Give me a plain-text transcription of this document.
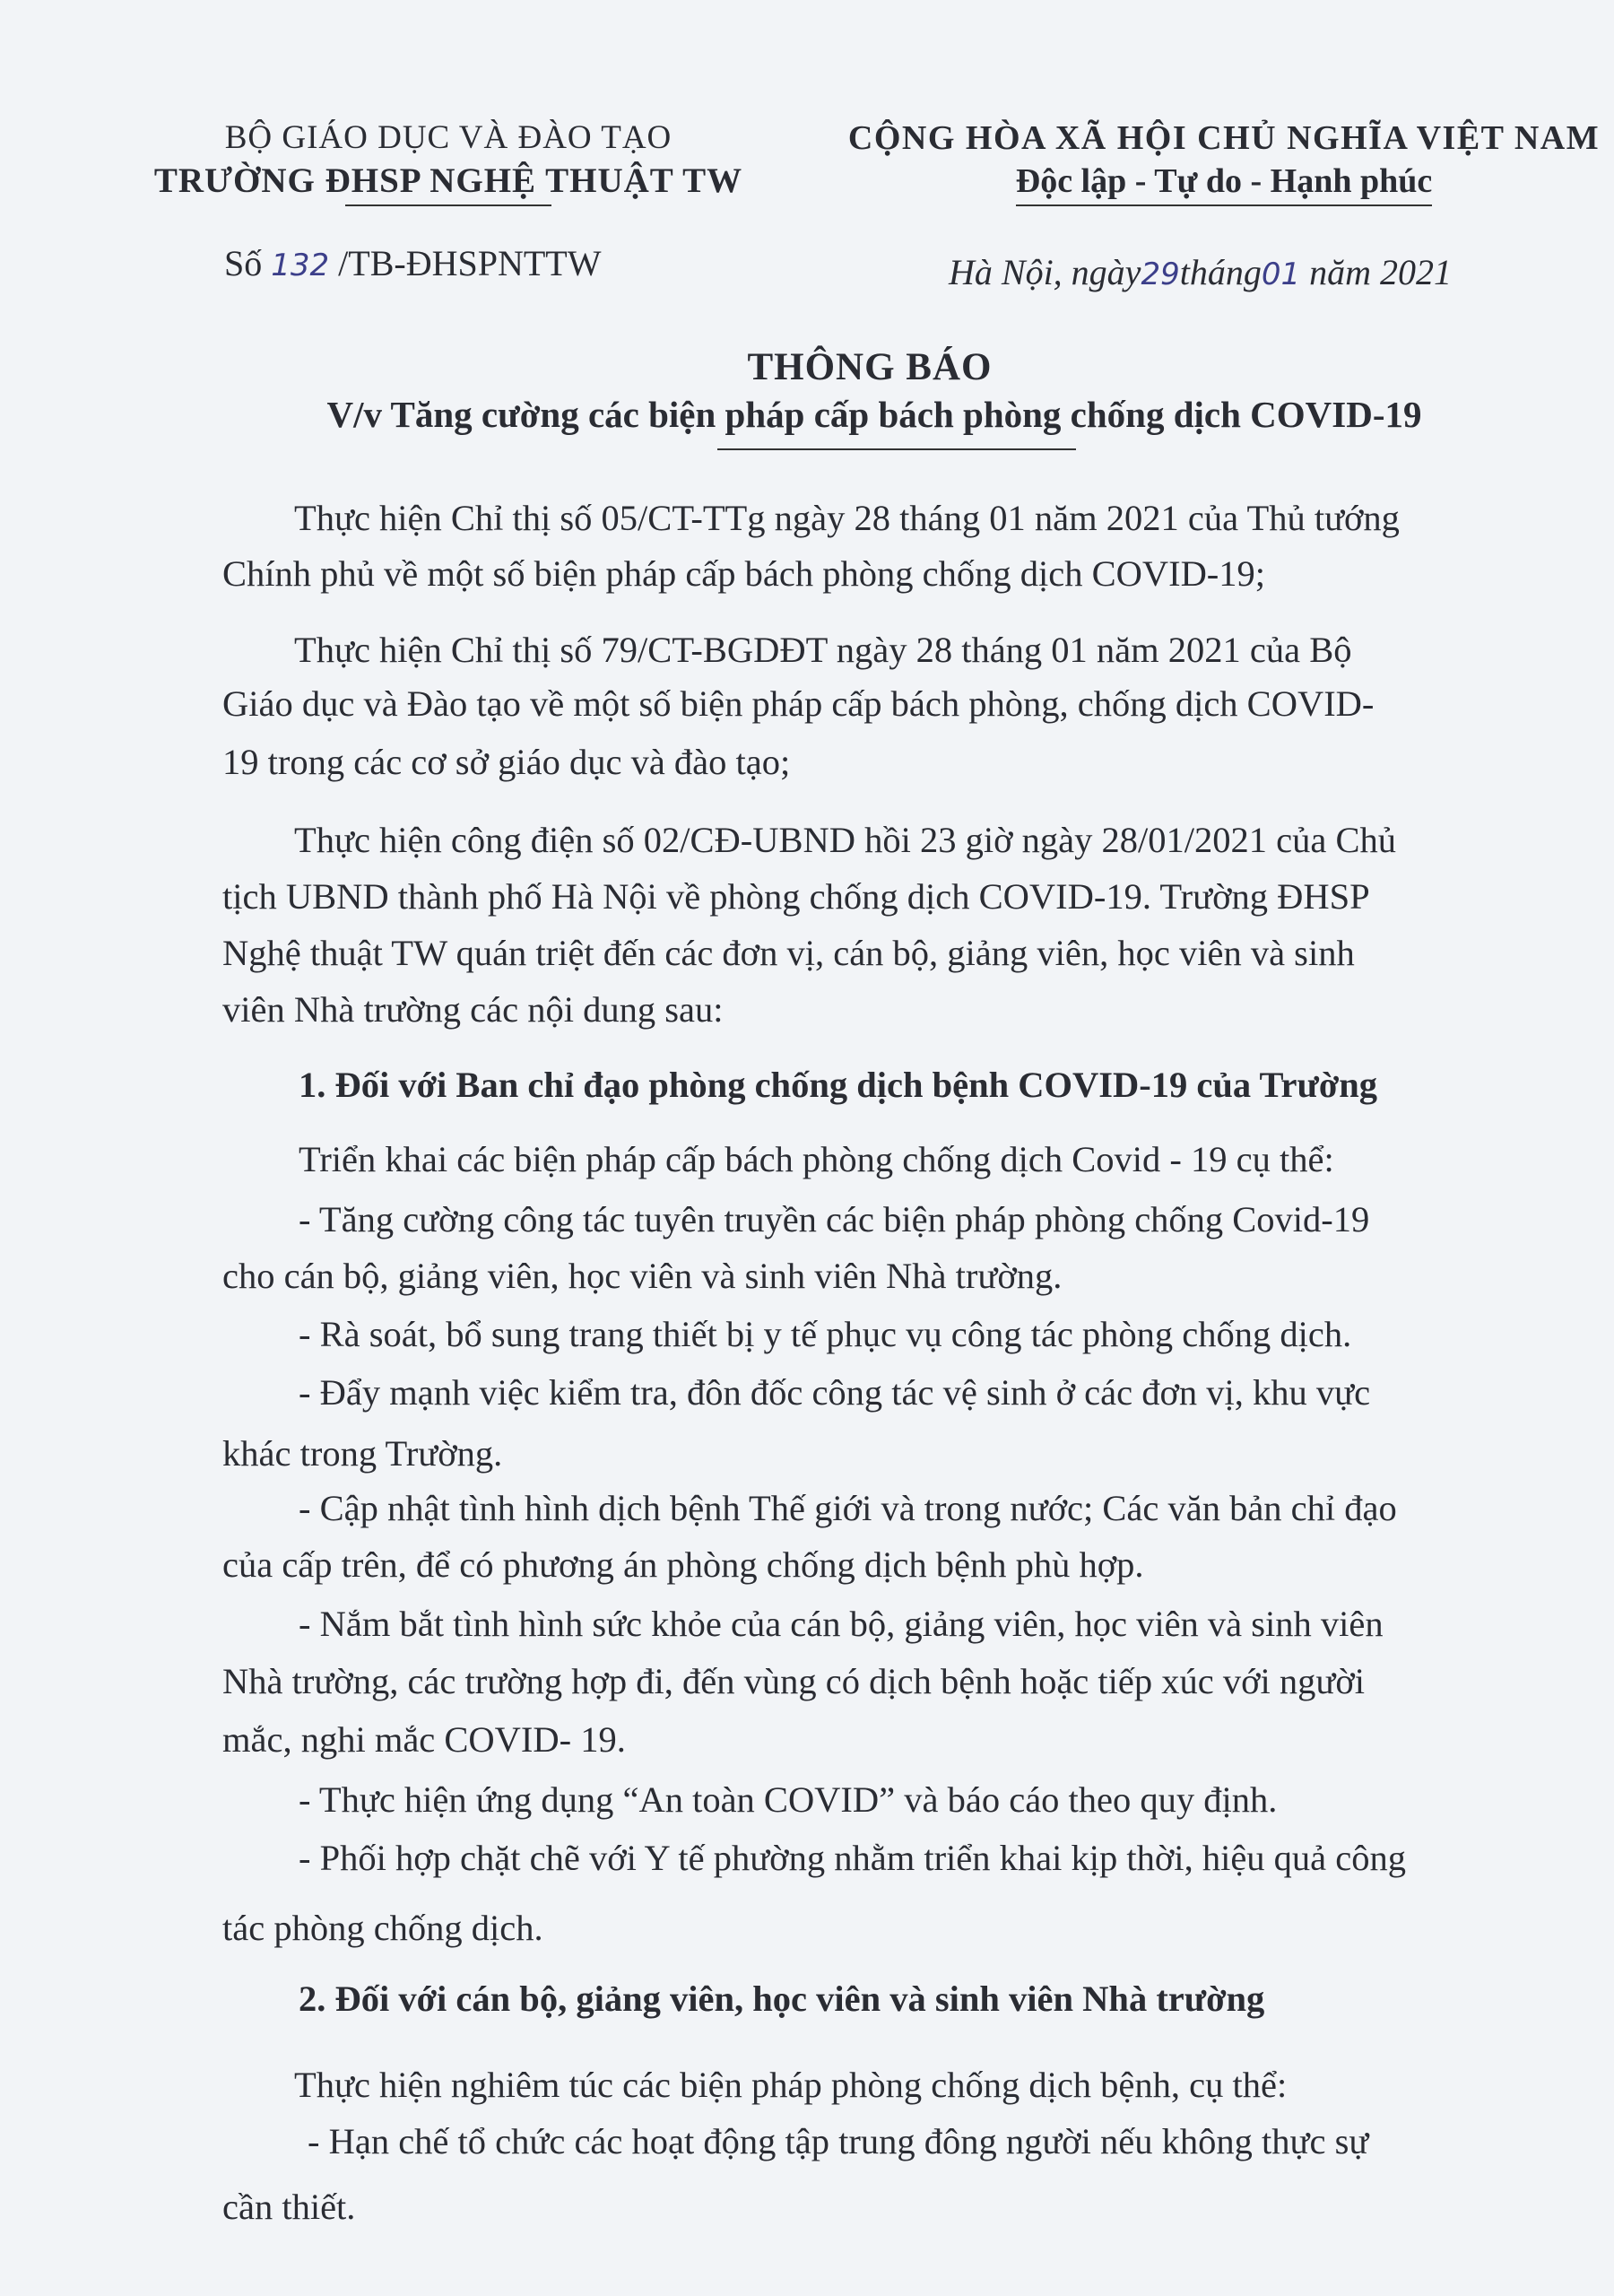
BỘ GIÁO DỤC VÀ ĐÀO TẠO
TRƯỜNG ĐHSP NGHỆ THUẬT TW
CỘNG HÒA XÃ HỘI CHỦ NGHĨA VIỆT NAM
Độc lập - Tự do - Hạnh phúc
Số 132 /TB-ĐHSPNTTW	Hà Nội, ngày29tháng01 năm 2021
THÔNG BÁO
V/v Tăng cường các biện pháp cấp bách phòng chống dịch COVID-19
Thực hiện Chỉ thị số 05/CT-TTg ngày 28 tháng 01 năm 2021 của Thủ tướng
Chính phủ về một số biện pháp cấp bách phòng chống dịch COVID-19;
Thực hiện Chỉ thị số 79/CT-BGDĐT ngày 28 tháng 01 năm 2021 của Bộ
Giáo dục và Đào tạo về một số biện pháp cấp bách phòng, chống dịch COVID-
19 trong các cơ sở giáo dục và đào tạo;
Thực hiện công điện số 02/CĐ-UBND hồi 23 giờ ngày 28/01/2021 của Chủ
tịch UBND thành phố Hà Nội về phòng chống dịch COVID-19. Trường ĐHSP
Nghệ thuật TW quán triệt đến các đơn vị, cán bộ, giảng viên, học viên và sinh
viên Nhà trường các nội dung sau:
1. Đối với Ban chỉ đạo phòng chống dịch bệnh COVID-19 của Trường
Triển khai các biện pháp cấp bách phòng chống dịch Covid - 19 cụ thể:
- Tăng cường công tác tuyên truyền các biện pháp phòng chống Covid-19
cho cán bộ, giảng viên, học viên và sinh viên Nhà trường.
- Rà soát, bổ sung trang thiết bị y tế phục vụ công tác phòng chống dịch.
- Đẩy mạnh việc kiểm tra, đôn đốc công tác vệ sinh ở các đơn vị, khu vực
khác trong Trường.
- Cập nhật tình hình dịch bệnh Thế giới và trong nước; Các văn bản chỉ đạo
của cấp trên, để có phương án phòng chống dịch bệnh phù hợp.
- Nắm bắt tình hình sức khỏe của cán bộ, giảng viên, học viên và sinh viên
Nhà trường, các trường hợp đi, đến vùng có dịch bệnh hoặc tiếp xúc với người
mắc, nghi mắc COVID- 19.
- Thực hiện ứng dụng “An toàn COVID” và báo cáo theo quy định.
- Phối hợp chặt chẽ với Y tế phường nhằm triển khai kịp thời, hiệu quả công
tác phòng chống dịch.
2. Đối với cán bộ, giảng viên, học viên và sinh viên Nhà trường
Thực hiện nghiêm túc các biện pháp phòng chống dịch bệnh, cụ thể:
- Hạn chế tổ chức các hoạt động tập trung đông người nếu không thực sự
cần thiết.
